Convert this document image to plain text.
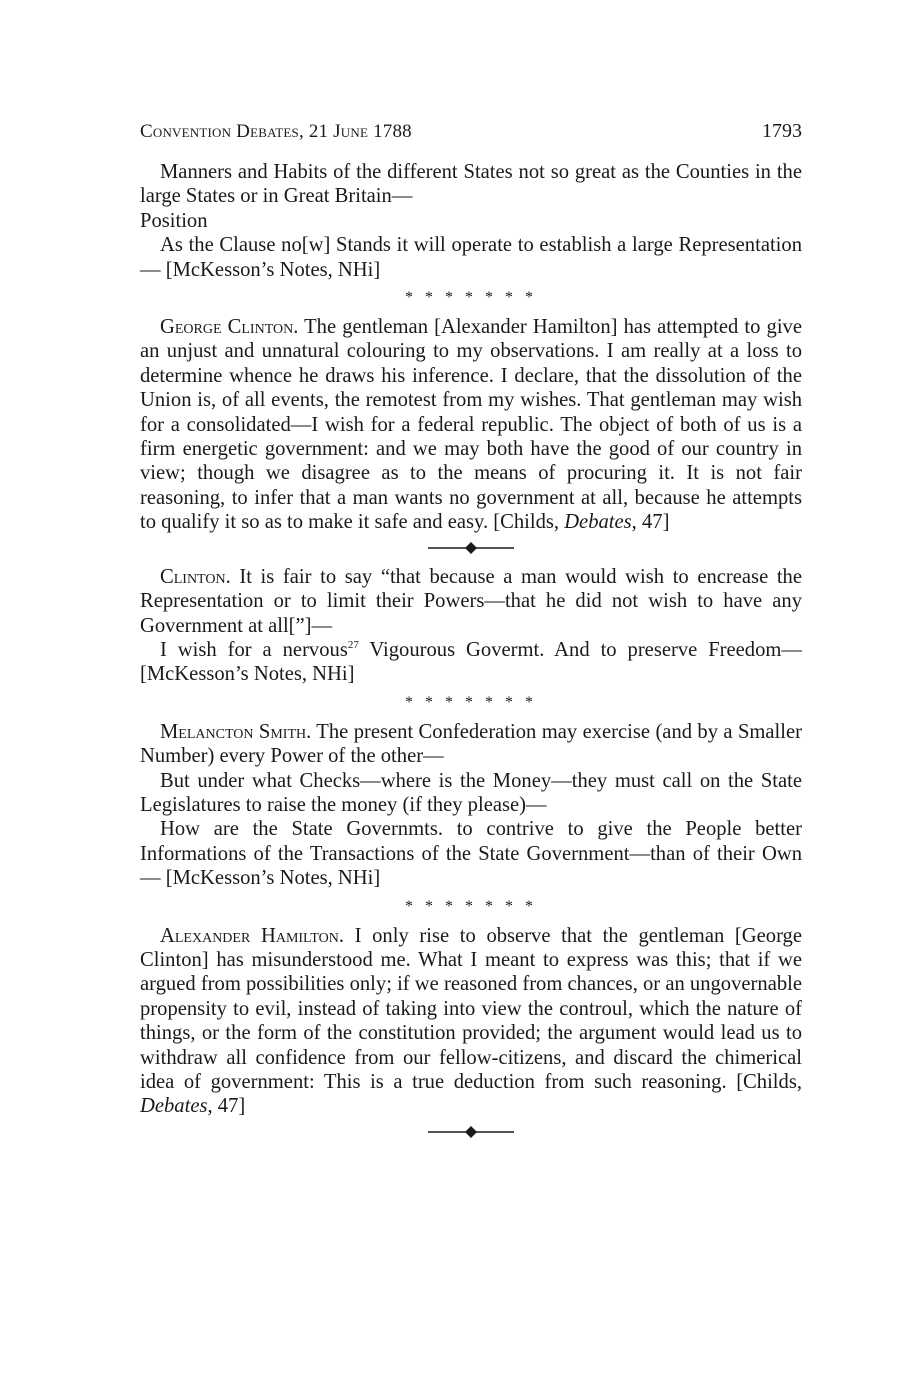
Convention Debates, 21 June 1788	1793

Manners and Habits of the different States not so great as the Counties in the large States or in Great Britain—

Position

As the Clause no[w] Stands it will operate to establish a large Representation— [McKesson’s Notes, NHi]

* * * * * * *

George Clinton. The gentleman [Alexander Hamilton] has attempted to give an unjust and unnatural colouring to my observations. I am really at a loss to determine whence he draws his inference. I declare, that the dissolution of the Union is, of all events, the remotest from my wishes. That gentleman may wish for a consolidated—I wish for a federal republic. The object of both of us is a firm energetic government: and we may both have the good of our country in view; though we disagree as to the means of procuring it. It is not fair reasoning, to infer that a man wants no government at all, because he attempts to qualify it so as to make it safe and easy. [Childs, Debates, 47]

Clinton. It is fair to say “that because a man would wish to encrease the Representation or to limit their Powers—that he did not wish to have any Government at all[”]—

I wish for a nervous$^{27}$ Vigourous Govermt. And to preserve Freedom— [McKesson’s Notes, NHi]

* * * * * * *

Melancton Smith. The present Confederation may exercise (and by a Smaller Number) every Power of the other—

But under what Checks—where is the Money—they must call on the State Legislatures to raise the money (if they please)—

How are the State Governmts. to contrive to give the People better Informations of the Transactions of the State Government—than of their Own— [McKesson’s Notes, NHi]

* * * * * * *

Alexander Hamilton. I only rise to observe that the gentleman [George Clinton] has misunderstood me. What I meant to express was this; that if we argued from possibilities only; if we reasoned from chances, or an ungovernable propensity to evil, instead of taking into view the controul, which the nature of things, or the form of the constitution provided; the argument would lead us to withdraw all confidence from our fellow-citizens, and discard the chimerical idea of government: This is a true deduction from such reasoning. [Childs, Debates, 47]
